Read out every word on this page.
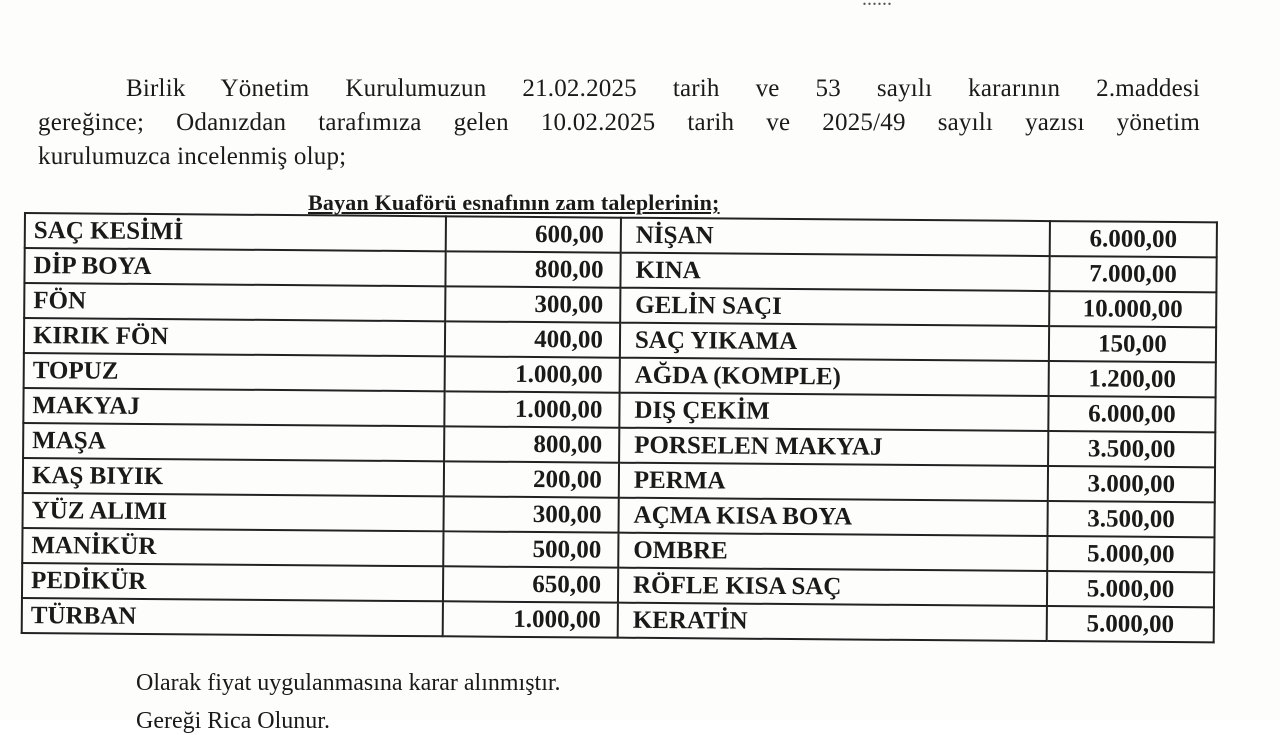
Birlik Yönetim Kurulumuzun 21.02.2025 tarih ve 53 sayılı kararının 2.maddesi
gereğince; Odanızdan tarafımıza gelen 10.02.2025 tarih ve 2025/49 sayılı yazısı yönetim
kurulumuzca incelenmiş olup;
Bayan Kuaförü esnafının zam taleplerinin;
SAÇ KESİMİ	600,00	NİŞAN	6.000,00
DİP BOYA	800,00	KINA	7.000,00
FÖN	300,00	GELİN SAÇI	10.000,00
KIRIK FÖN	400,00	SAÇ YIKAMA	150,00
TOPUZ	1.000,00	AĞDA (KOMPLE)	1.200,00
MAKYAJ	1.000,00	DIŞ ÇEKİM	6.000,00
MAŞA	800,00	PORSELEN MAKYAJ	3.500,00
KAŞ BIYIK	200,00	PERMA	3.000,00
YÜZ ALIMI	300,00	AÇMA KISA BOYA	3.500,00
MANİKÜR	500,00	OMBRE	5.000,00
PEDİKÜR	650,00	RÖFLE KISA SAÇ	5.000,00
TÜRBAN	1.000,00	KERATİN	5.000,00
Olarak fiyat uygulanmasına karar alınmıştır.
Gereği Rica Olunur.
